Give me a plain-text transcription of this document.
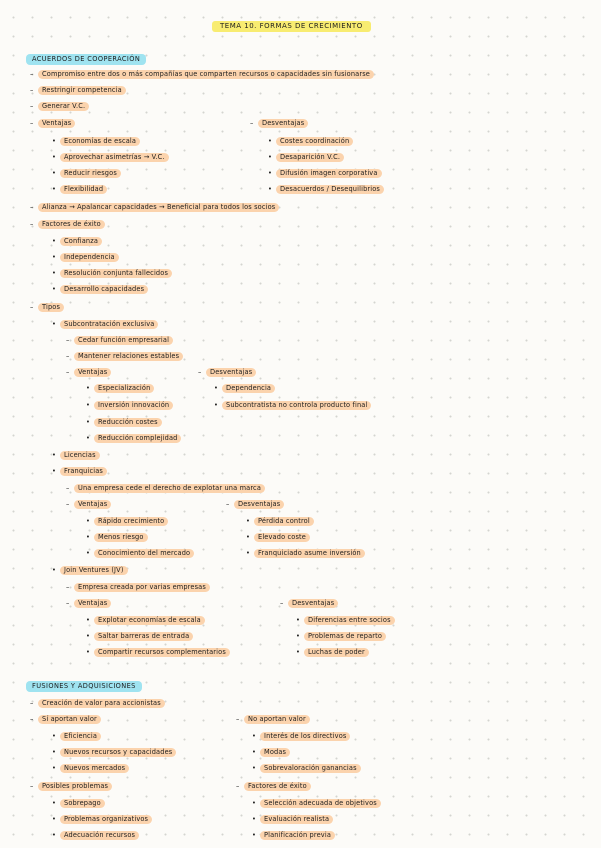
TEMA 10. FORMAS DE CRECIMIENTO
ACUERDOS DE COOPERACIÓN
–	Compromiso entre dos o más compañías que comparten recursos o capacidades sin fusionarse
–	Restringir competencia
–	Generar V.C.
–	Ventajas	–	Desventajas
•	Economías de escala
•	Aprovechar asimetrías → V.C.
•	Reducir riesgos
•	Flexibilidad
•	Costes coordinación
•	Desaparición V.C.
•	Difusión imagen corporativa
•	Desacuerdos / Desequilibrios
–	Alianza → Apalancar capacidades → Beneficial para todos los socios
–	Factores de éxito
•	Confianza
•	Independencia
•	Resolución conjunta fallecidos
•	Desarrollo capacidades
–	Tipos
•	Subcontratación exclusiva
–	Cedar función empresarial
–	Mantener relaciones estables
–	Ventajas	–	Desventajas
•	Especialización
•	Inversión innovación
•	Reducción costes
•	Reducción complejidad
•	Dependencia
•	Subcontratista no controla producto final
•	Licencias
•	Franquicias
–	Una empresa cede el derecho de explotar una marca
–	Ventajas	–	Desventajas
•	Rápido crecimiento
•	Menos riesgo
•	Conocimiento del mercado
•	Pérdida control
•	Elevado coste
•	Franquiciado asume inversión
•	Join Ventures (JV)
–	Empresa creada por varias empresas
–	Ventajas	–	Desventajas
•	Explotar economías de escala
•	Saltar barreras de entrada
•	Compartir recursos complementarios
•	Diferencias entre socios
•	Problemas de reparto
•	Luchas de poder
FUSIONES Y ADQUISICIONES
–	Creación de valor para accionistas
–	Sí aportan valor	–	No aportan valor
•	Eficiencia
•	Nuevos recursos y capacidades
•	Nuevos mercados
•	Interés de los directivos
•	Modas
•	Sobrevaloración ganancias
–	Posibles problemas	–	Factores de éxito
•	Sobrepago
•	Problemas organizativos
•	Adecuación recursos
•	Selección adecuada de objetivos
•	Evaluación realista
•	Planificación previa
